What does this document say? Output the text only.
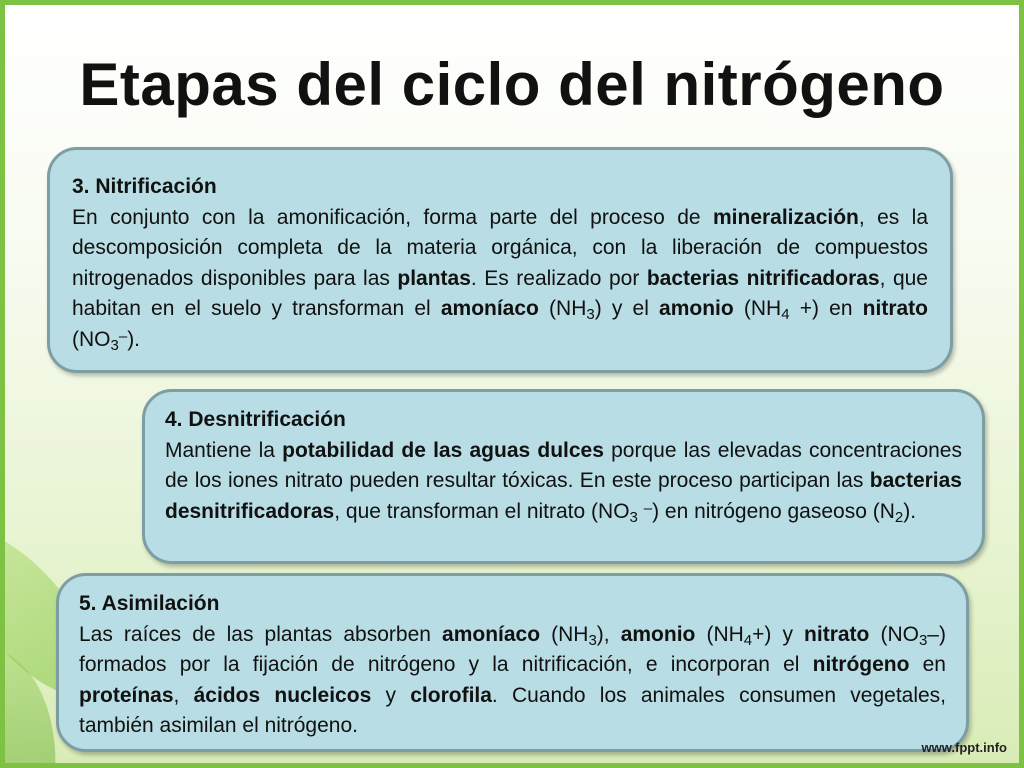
Etapas del ciclo del nitrógeno
3. Nitrificación

En conjunto con la amonificación, forma parte del proceso de mineralización, es la descomposición completa de la materia orgánica, con la liberación de compuestos nitrogenados disponibles para las plantas. Es realizado por bacterias nitrificadoras, que habitan en el suelo y transforman el amoníaco $(NH_3)$ y el amonio ($NH_4$ +) en nitrato $(NO_3^-)$.

4. Desnitrificación

Mantiene la potabilidad de las aguas dulces porque las elevadas concentraciones de los iones nitrato pueden resultar tóxicas. En este proceso participan las bacterias desnitrificadoras, que transforman el nitrato ($NO_3$ –) en nitrógeno gaseoso $(N_2)$.

5. Asimilación

Las raíces de las plantas absorben amoníaco $(NH_3)$, amonio $(NH_4+)$ y nitrato $(NO_3-)$ formados por la fijación de nitrógeno y la nitrificación, e incorporan el nitrógeno en proteínas, ácidos nucleicos y clorofila. Cuando los animales consumen vegetales, también asimilan el nitrógeno.

www.fppt.info
